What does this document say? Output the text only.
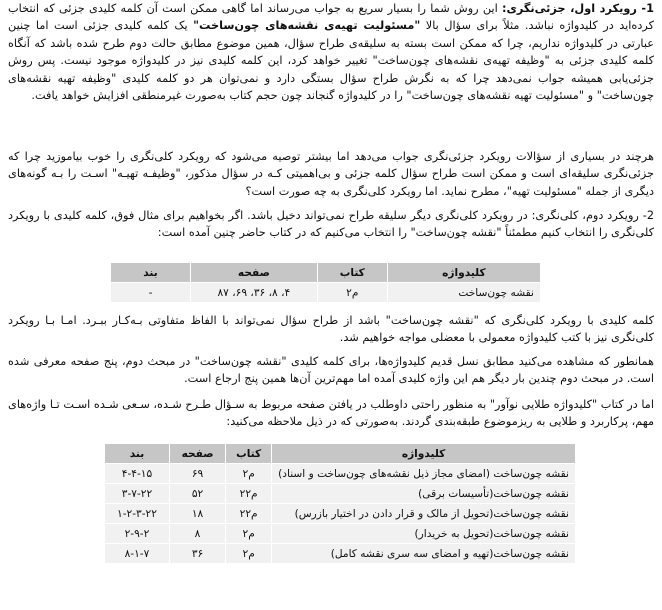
1- رویکرد اول، جزئی‌نگری: این روش شما را بسیار سریع به جواب می‌رساند اما گاهی ممکن است آن کلمه کلیدی جزئی که انتخاب کرده‌اید در کلیدواژه نباشد. مثلاً برای سؤال بالا "مسئولیت تهیه‌ی نقشه‌های چون‌ساخت" یک کلمه کلیدی جزئی است اما چنین عبارتی در کلیدواژه نداریم، چرا که ممکن است بسته به سلیقه‌ی طراح سؤال، همین موضوع مطابق حالت دوم طرح شده باشد که آنگاه کلمه کلیدی جزئی به "وظیفه تهیه‌ی نقشه‌های چون‌ساخت" تغییر خواهد کرد، این کلمه کلیدی نیز در کلیدواژه موجود نیست. پس روش جزئی‌یابی همیشه جواب نمی‌دهد چرا که به نگرش طراح سؤال بستگی دارد و نمی‌توان هر دو کلمه کلیدی "وظیفه تهیه نقشه‌های چون‌ساخت" و "مسئولیت تهیه نقشه‌های چون‌ساخت" را در کلیدواژه گنجاند چون حجم کتاب به‌صورت غیرمنطقی افزایش خواهد یافت.

هرچند در بسیاری از سؤالات رویکرد جزئی‌نگری جواب می‌دهد اما بیشتر توصیه می‌شود که رویکرد کلی‌نگری را خوب بیاموزید چرا که جزئی‌نگری سلیقه‌ای است و ممکن است طراح سؤال کلمه جزئی و بی‌اهمیتی کـه در سؤال مذکور، "وظیفـه تهیـه" اسـت را بـه گونه‌های دیگری از جمله "مسئولیت تهیه"، مطرح نماید. اما رویکرد کلی‌نگری به چه صورت است؟

2- رویکرد دوم، کلی‌نگری: در رویکرد کلی‌نگری دیگر سلیقه طراح نمی‌تواند دخیل باشد. اگر بخواهیم برای مثال فوق، کلمه کلیدی با رویکرد کلی‌نگری را انتخاب کنیم مطمئناً "نقشه چون‌ساخت" را انتخاب می‌کنیم که در کتاب حاضر چنین آمده است:

کلیدواژه	کتاب	صفحه	بند
نقشه چون‌ساخت	م۲	۴، ۸، ۳۶، ۶۹، ۸۷	-

کلمه کلیدی با رویکرد کلی‌نگری که "نقشه چون‌ساخت" باشد از طراح سؤال نمی‌تواند با الفاظ متفاوتی بـه‌کـار ببـرد. امـا بـا رویکرد کلی‌نگری نیز با کتب کلیدواژه معمولی با معضلی مواجه خواهیم شد.

همانطور که مشاهده می‌کنید مطابق نسل قدیم کلیدواژه‌ها، برای کلمه کلیدی "نقشه چون‌ساخت" در مبحث دوم، پنج صفحه معرفی شده است. در مبحث دوم چندین بار دیگر هم این واژه کلیدی آمده اما مهم‌ترین آن‌ها همین پنج ارجاع است.

اما در کتاب "کلیدواژه طلایی نوآور" به منظور راحتی داوطلب در یافتن صفحه مربوط به سـؤال طـرح شـده، سـعی شـده اسـت تـا واژه‌های مهم، پرکاربرد و طلایی به ریزموضوع طبقه‌بندی گردند. به‌صورتی که در ذیل ملاحظه می‌کنید:

کلیدواژه	کتاب	صفحه	بند
نقشه چون‌ساخت (امضای مجاز ذیل نقشه‌های چون‌ساخت و اسناد)	م۲	۶۹	۴-۴-۱۵
نقشه چون‌ساخت(تأسیسات برقی)	م۲۲	۵۲	۳-۷-۲۲
نقشه چون‌ساخت(تحویل از مالک و قرار دادن در اختیار بازرس)	م۲۲	۱۸	۱-۲-۳-۲۲
نقشه چون‌ساخت(تحویل به خریدار)	م۲	۸	۲-۹-۲
نقشه چون‌ساخت(تهیه و امضای سه سری نقشه کامل)	م۲	۳۶	۸-۱-۷
